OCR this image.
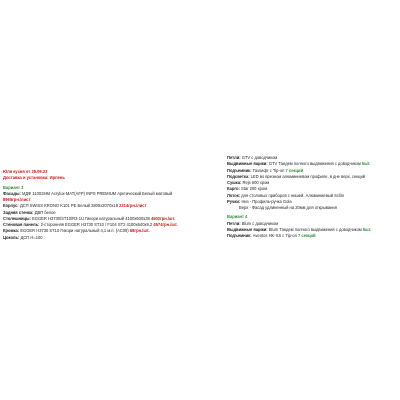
Юля кухня от 25.09.23
Доставка и установка: Ирпень
Вариант 3
Фасады: МДФ 1100ЗНМ Acrylux-MAT(AFP) INPS PREMIUM Арктический Белый матовый
8965грн./лист
Корпус: ДСП SWISS KRONO K101 PE Белый 2800х2070х18 2314грн./лист
Задняя стенка: ДВП белое
Столешницы: EGGER H3730/ST10/R3-1U Гикори натуральный 4100х600х38 4502грн./шт.
Стеновая панель: 2-сторонняя EGGER H3730 ST10 / F104 ST2 4100х640х9,2 4574грн./шт.
Кромка: EGGER H3730 ST10 Гикори натуральный 4,1 м.п. (АС09) 68грн./шт.
Цоколь: ДСП Н=100
Петли: GTV с доводчиком
Выдвижные ящики: GTV Тандем полного выдвижения с доводчиком 5шт.
Подъемник: Газлифт с Tip-on 7 секций
Подсветка: LED во врезном алюминиевом профиле, в дне верх. секций
Сушка: Rejs 600 хром
Карго: Star 200 хром
Лоток: для столовых приборов с нишей: Алюминиевый Sclim
Ручки: Низ - Профиль-ручка Gola
Верх - Фасад удлиненный на 20мм для открывания
Вариант 4
Петли: Blum с доводчиком
Выдвижные ящики: Blum Тандем полного выдвижения с доводчиком 5шт.
Подъемник: Aventos HK-XS с Tip-on 7 секций
